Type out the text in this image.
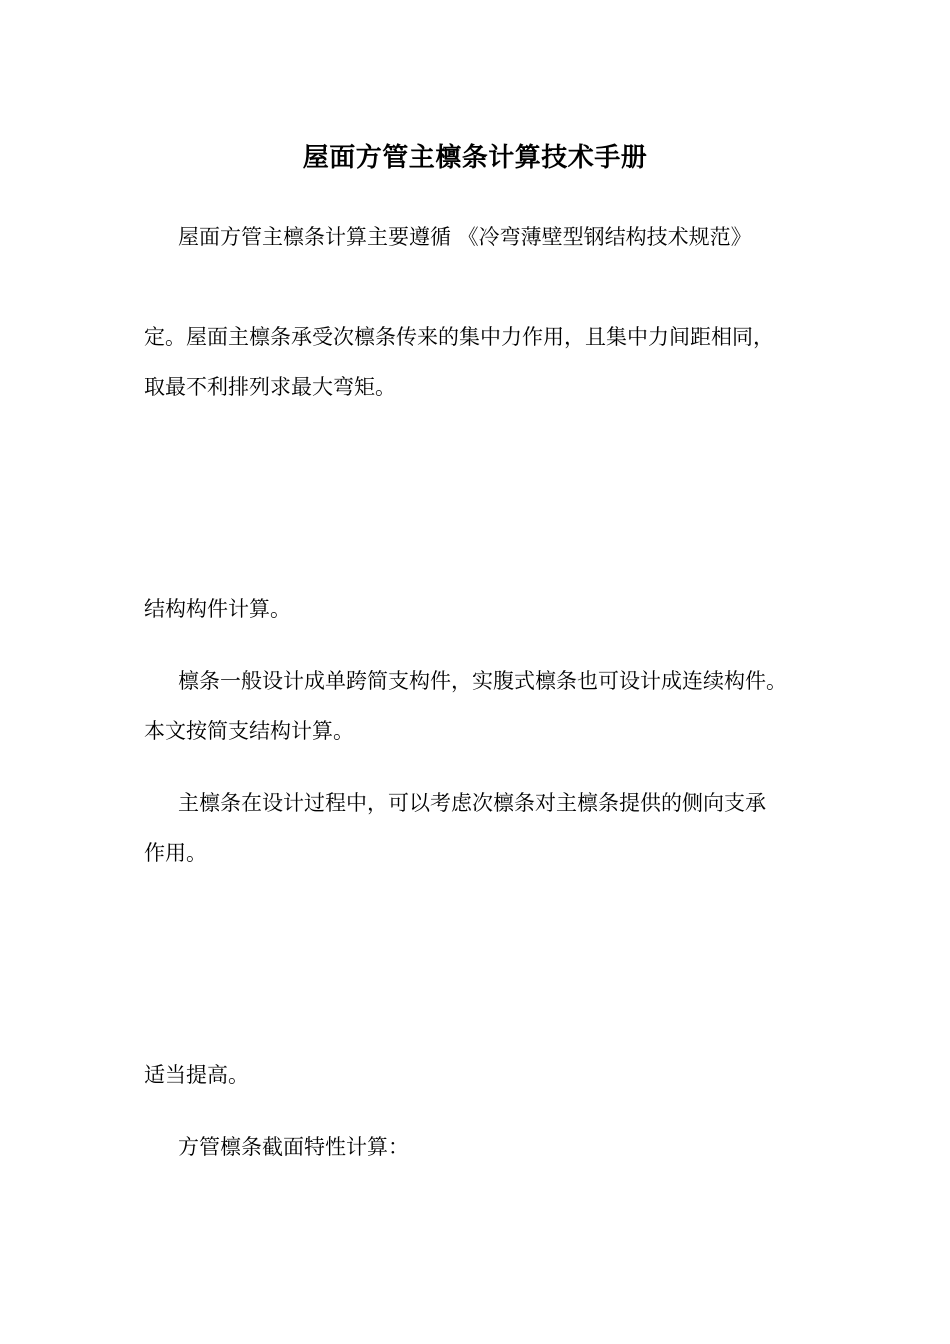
屋面方管主檩条计算技术手册
屋面方管主檩条计算主要遵循 《冷弯薄壁型钢结构技术规范》
定。屋面主檩条承受次檩条传来的集中力作用，且集中力间距相同，
取最不利排列求最大弯矩。
结构构件计算。
檩条一般设计成单跨简支构件，实腹式檩条也可设计成连续构件。
本文按简支结构计算。
主檩条在设计过程中，可以考虑次檩条对主檩条提供的侧向支承
作用。
适当提高。
方管檩条截面特性计算：
